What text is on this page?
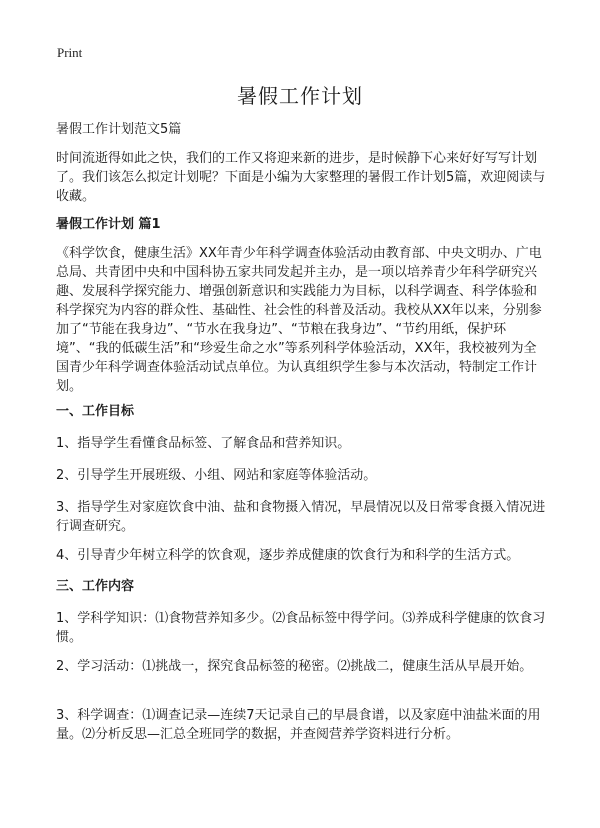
Print
暑假工作计划

暑假工作计划范文5篇

时间流逝得如此之快，我们的工作又将迎来新的进步，是时候静下心来好好写写计划了。我们该怎么拟定计划呢？下面是小编为大家整理的暑假工作计划5篇，欢迎阅读与收藏。

暑假工作计划 篇1

《科学饮食，健康生活》XX年青少年科学调查体验活动由教育部、中央文明办、广电总局、共青团中央和中国科协五家共同发起并主办，是一项以培养青少年科学研究兴趣、发展科学探究能力、增强创新意识和实践能力为目标，以科学调查、科学体验和科学探究为内容的群众性、基础性、社会性的科普及活动。我校从XX年以来，分别参加了“节能在我身边”、“节水在我身边”、“节粮在我身边”、“节约用纸，保护环境”、“我的低碳生活”和“珍爱生命之水”等系列科学体验活动，XX年，我校被列为全国青少年科学调查体验活动试点单位。为认真组织学生参与本次活动，特制定工作计划。

一、工作目标

1、指导学生看懂食品标签、了解食品和营养知识。

2、引导学生开展班级、小组、网站和家庭等体验活动。

3、指导学生对家庭饮食中油、盐和食物摄入情况，早晨情况以及日常零食摄入情况进行调查研究。

4、引导青少年树立科学的饮食观，逐步养成健康的饮食行为和科学的生活方式。

三、工作内容

1、学科学知识：⑴食物营养知多少。⑵食品标签中得学问。⑶养成科学健康的饮食习惯。

2、学习活动：⑴挑战一，探究食品标签的秘密。⑵挑战二，健康生活从早晨开始。

3、科学调查：⑴调查记录—连续7天记录自己的早晨食谱，以及家庭中油盐米面的用量。⑵分析反思—汇总全班同学的数据，并查阅营养学资料进行分析。
